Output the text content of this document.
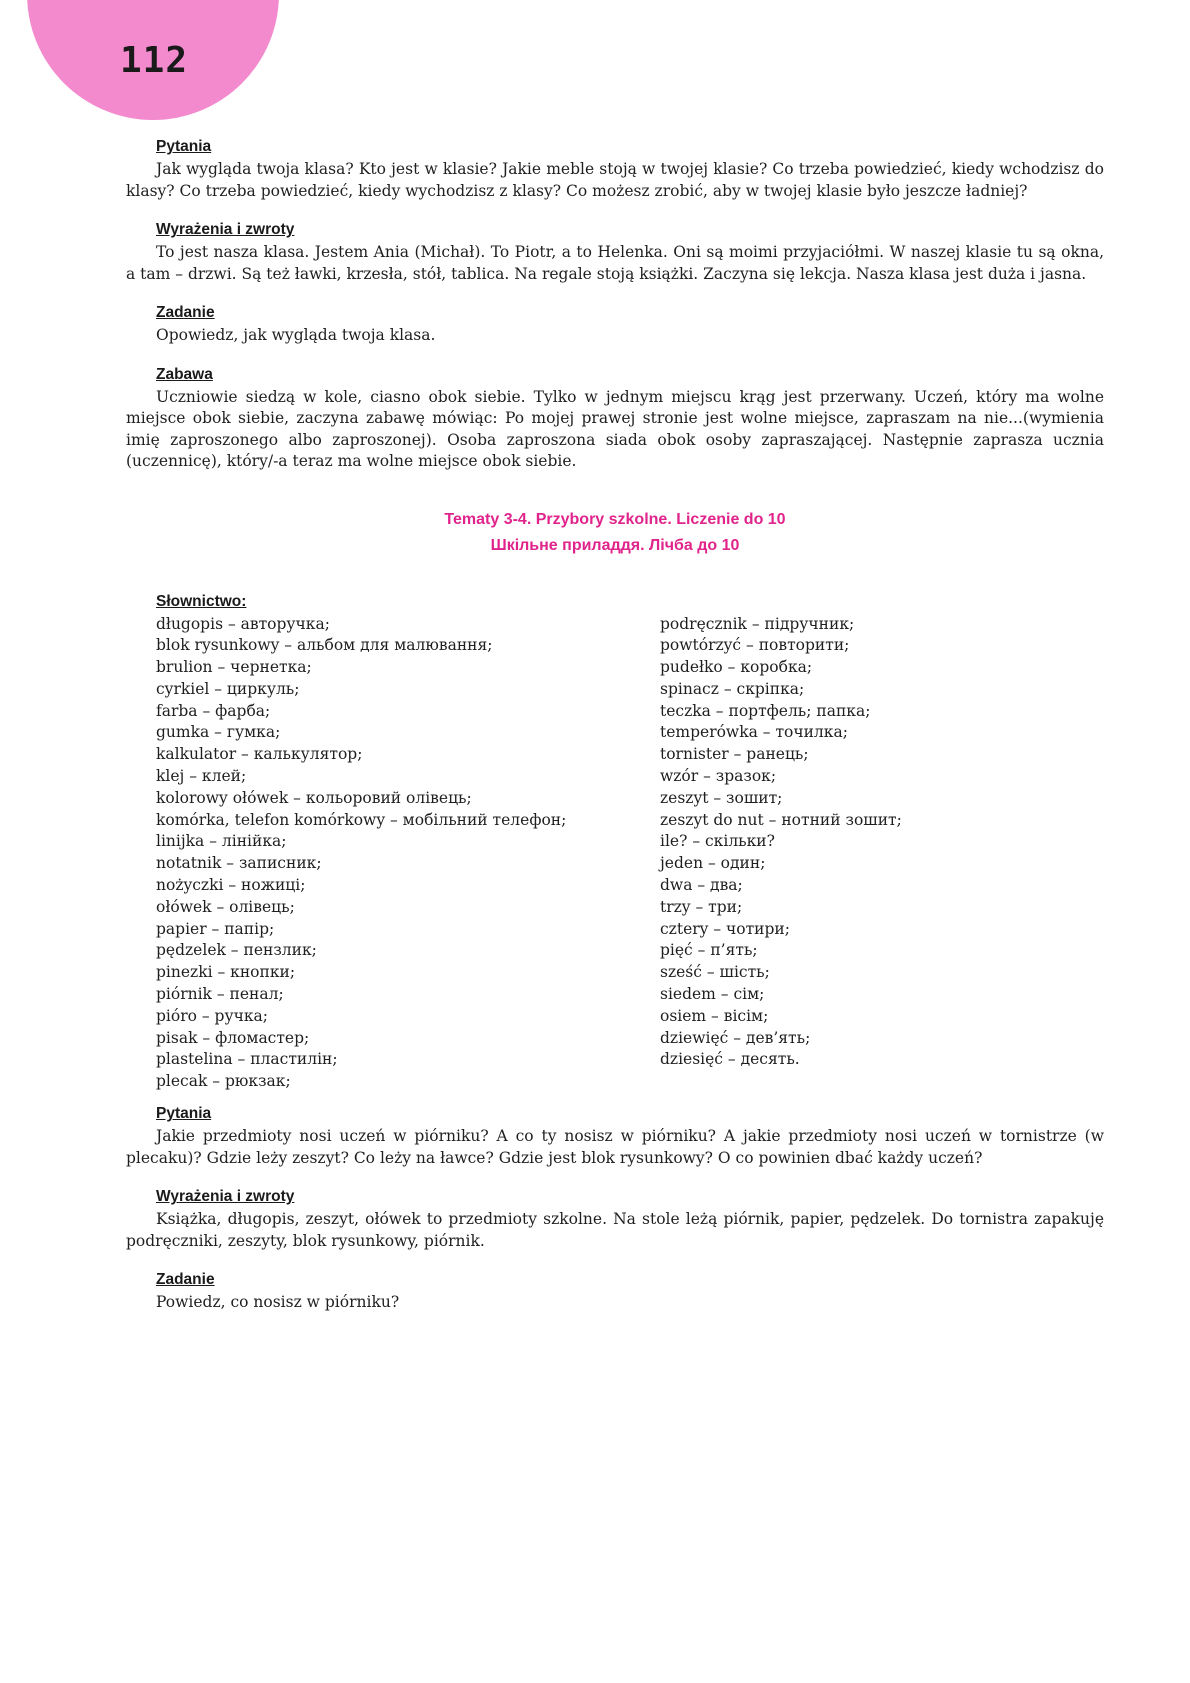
112
Pytania

Jak wygląda twoja klasa? Kto jest w klasie? Jakie meble stoją w twojej klasie? Co trzeba powiedzieć, kiedy wchodzisz do klasy? Co trzeba powiedzieć, kiedy wychodzisz z klasy? Co możesz zrobić, aby w twojej klasie było jeszcze ładniej?

Wyrażenia i zwroty

To jest nasza klasa. Jestem Ania (Michał). To Piotr, a to Helenka. Oni są moimi przyjaciółmi. W naszej klasie tu są okna, a tam – drzwi. Są też ławki, krzesła, stół, tablica. Na regale stoją książki. Zaczyna się lekcja. Nasza klasa jest duża i jasna.

Zadanie

Opowiedz, jak wygląda twoja klasa.

Zabawa

Uczniowie siedzą w kole, ciasno obok siebie. Tylko w jednym miejscu krąg jest przerwany. Uczeń, który ma wolne miejsce obok siebie, zaczyna zabawę mówiąc: Po mojej prawej stronie jest wolne miejsce, zapraszam na nie...(wymienia imię zaproszonego albo zaproszonej). Osoba zaproszona siada obok osoby zapraszającej. Następnie zaprasza ucznia (uczennicę), który/-a teraz ma wolne miejsce obok siebie.

Tematy 3-4. Przybory szkolne. Liczenie do 10
Шкільне приладдя. Лічба до 10
Słownictwo:
długopis – авторучка;
blok rysunkowy – альбом для малювання;
brulion – чернетка;
cyrkiel – циркуль;
farba – фарба;
gumka – гумка;
kalkulator – калькулятор;
klej – клей;
kolorowy ołówek – кольоровий олівець;
komórka, telefon komórkowy – мобільний телефон;
linijka – лінійка;
notatnik – записник;
nożyczki – ножиці;
ołówek – олівець;
papier – папір;
pędzelek – пензлик;
pinezki – кнопки;
piórnik – пенал;
pióro – ручка;
pisak – фломастер;
plastelina – пластилін;
plecak – рюкзак;
podręcznik – підручник;
powtórzyć – повторити;
pudełko – коробка;
spinacz – скріпка;
teczka – портфель; папка;
temperówka – точилка;
tornister – ранець;
wzór – зразок;
zeszyt – зошит;
zeszyt do nut – нотний зошит;
ile? – скільки?
jeden – один;
dwa – два;
trzy – три;
cztery – чотири;
pięć – п’ять;
sześć – шість;
siedem – сім;
osiem – вісім;
dziewięć – дев’ять;
dziesięć – десять.
Pytania

Jakie przedmioty nosi uczeń w piórniku? A co ty nosisz w piórniku? A jakie przedmioty nosi uczeń w tornistrze (w plecaku)? Gdzie leży zeszyt? Co leży na ławce? Gdzie jest blok rysunkowy? O co powinien dbać każdy uczeń?

Wyrażenia i zwroty

Książka, długopis, zeszyt, ołówek to przedmioty szkolne. Na stole leżą piórnik, papier, pędzelek. Do tornistra zapakuję podręczniki, zeszyty, blok rysunkowy, piórnik.

Zadanie

Powiedz, co nosisz w piórniku?
